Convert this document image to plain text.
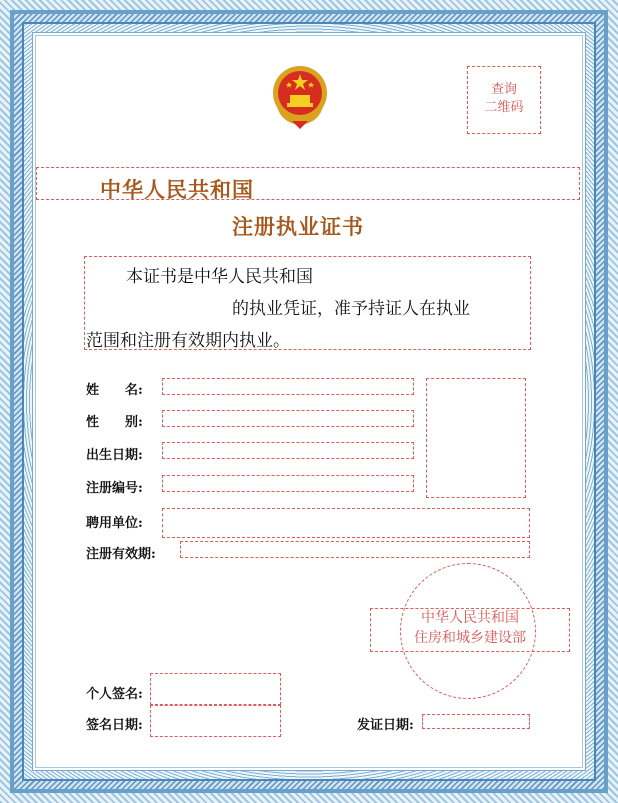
查询
二维码
中华人民共和国
注册执业证书
本证书是中华人民共和国
的执业凭证，准予持证人在执业
范围和注册有效期内执业。
姓　　名:
性　　别:
出生日期:
注册编号:
聘用单位:
注册有效期:
中华人民共和国
住房和城乡建设部
个人签名:
签名日期:	发证日期:
